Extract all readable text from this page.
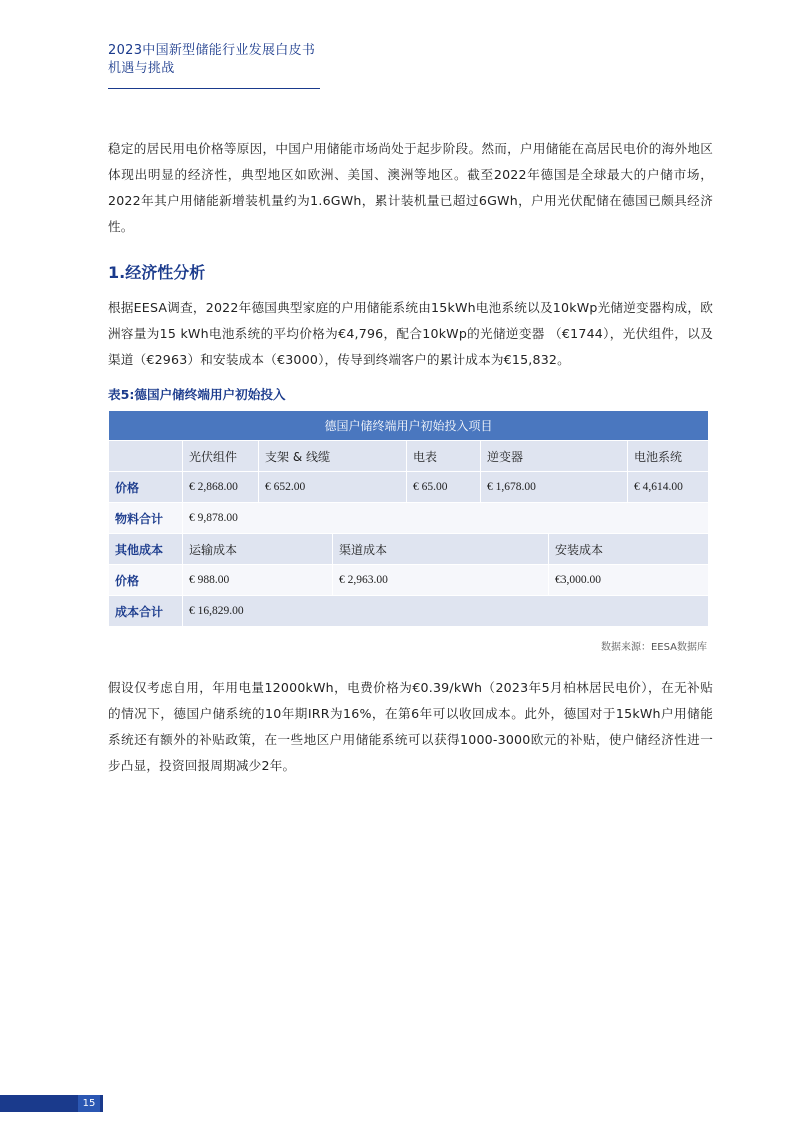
2023中国新型储能行业发展白皮书
机遇与挑战
稳定的居民用电价格等原因，中国户用储能市场尚处于起步阶段。然而，户用储能在高居民电价的海外地区体现出明显的经济性，典型地区如欧洲、美国、澳洲等地区。截至2022年德国是全球最大的户储市场，2022年其户用储能新增装机量约为1.6GWh，累计装机量已超过6GWh，户用光伏配储在德国已颇具经济性。
1.经济性分析
根据EESA调查，2022年德国典型家庭的户用储能系统由15kWh电池系统以及10kWp光储逆变器构成，欧洲容量为15 kWh电池系统的平均价格为€4,796，配合10kWp的光储逆变器 （€1744），光伏组件，以及渠道（€2963）和安装成本（€3000），传导到终端客户的累计成本为€15,832。
表5:德国户储终端用户初始投入
德国户储终端用户初始投入项目							
	光伏组件	支架 & 线缆		电表	逆变器		电池系统
价格	€ 2,868.00	€ 652.00		€ 65.00	€ 1,678.00		€ 4,614.00
物料合计	€ 9,878.00						
其他成本	运输成本		渠道成本			安装成本	
价格	€ 988.00		€ 2,963.00			€3,000.00	
成本合计	€ 16,829.00						
数据来源：EESA数据库
假设仅考虑自用，年用电量12000kWh，电费价格为€0.39/kWh（2023年5月柏林居民电价），在无补贴的情况下，德国户储系统的10年期IRR为16%，在第6年可以收回成本。此外，德国对于15kWh户用储能系统还有额外的补贴政策，在一些地区户用储能系统可以获得1000-3000欧元的补贴，使户储经济性进一步凸显，投资回报周期减少2年。
15
